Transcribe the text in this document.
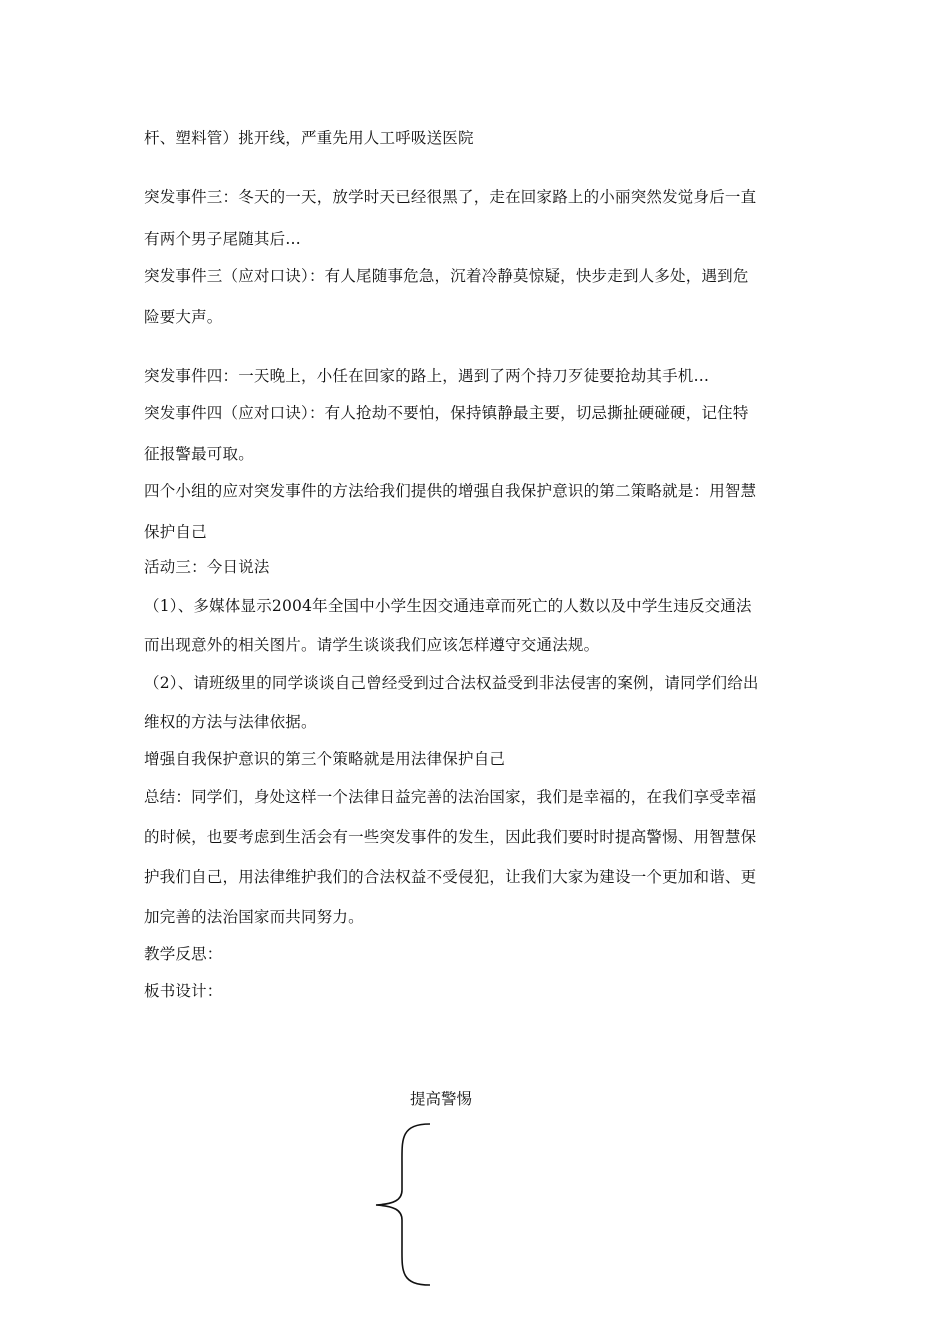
杆、塑料管）挑开线，严重先用人工呼吸送医院
突发事件三：冬天的一天，放学时天已经很黑了，走在回家路上的小丽突然发觉身后一直
有两个男子尾随其后…
突发事件三（应对口诀）：有人尾随事危急，沉着冷静莫惊疑，快步走到人多处，遇到危
险要大声。
突发事件四：一天晚上，小任在回家的路上，遇到了两个持刀歹徒要抢劫其手机…
突发事件四（应对口诀）：有人抢劫不要怕，保持镇静最主要，切忌撕扯硬碰硬，记住特
征报警最可取。
四个小组的应对突发事件的方法给我们提供的增强自我保护意识的第二策略就是：用智慧
保护自己
活动三：今日说法
（1）、多媒体显示2004年全国中小学生因交通违章而死亡的人数以及中学生违反交通法
而出现意外的相关图片。请学生谈谈我们应该怎样遵守交通法规。
（2）、请班级里的同学谈谈自己曾经受到过合法权益受到非法侵害的案例，请同学们给出
维权的方法与法律依据。
增强自我保护意识的第三个策略就是用法律保护自己
总结：同学们，身处这样一个法律日益完善的法治国家，我们是幸福的，在我们享受幸福
的时候，也要考虑到生活会有一些突发事件的发生，因此我们要时时提高警惕、用智慧保
护我们自己，用法律维护我们的合法权益不受侵犯，让我们大家为建设一个更加和谐、更
加完善的法治国家而共同努力。
教学反思：
板书设计：
提高警惕
